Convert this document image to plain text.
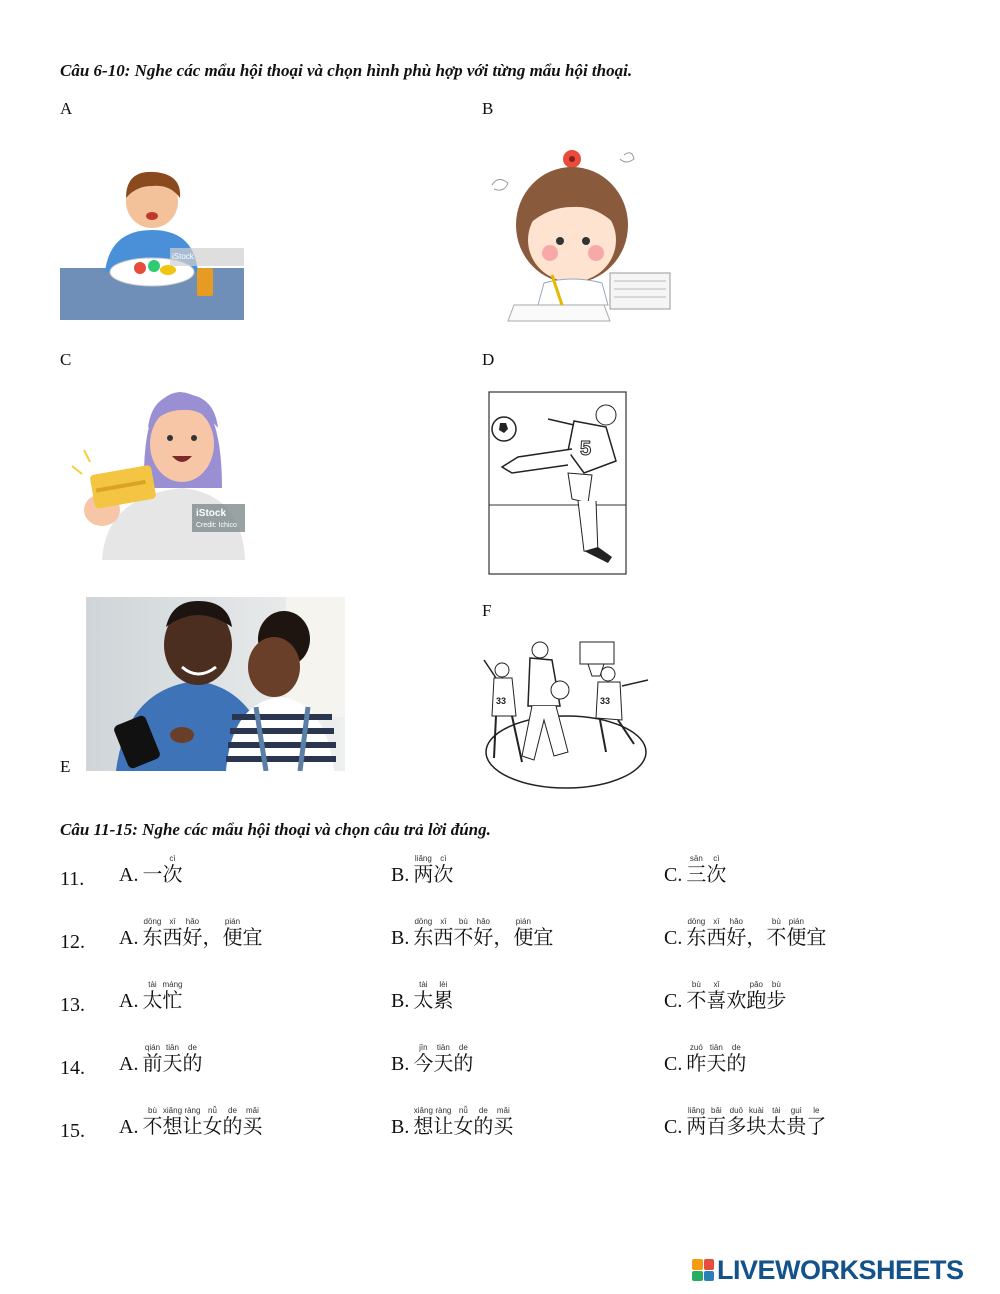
Câu 6-10: Nghe các mẩu hội thoại và chọn hình phù hợp với từng mẩu hội thoại.
A	B
C	D
E
F
iStock
iStock
Credit: Ichico
5
33	33
Câu 11-15: Nghe các mẩu hội thoại và chọn câu trả lời đúng.
11. A. 一次cì
B. 两liǎng次cì
C. 三sān次cì
12. A. 东dōng西xī好hǎo，便pián宜	B. 东dōng西xī不bù好hǎo，便pián宜	C. 东dōng西xī好hǎo，不bù便pián宜
13. A. 太tài忙máng
B. 太tài累lèi
C. 不bù喜xǐ欢跑pǎo步bù
14. A. 前qián天tiān的de
B. 今jīn天tiān的de
C. 昨zuó天tiān的de
15. A. 不bù想xiǎng让ràng女nǚ的de买mǎi
B. 想xiǎng让ràng女nǚ的de买mǎi
C. 两liǎng百bǎi多duō块kuài太tài贵guì了le
LIVEWORKSHEETS
